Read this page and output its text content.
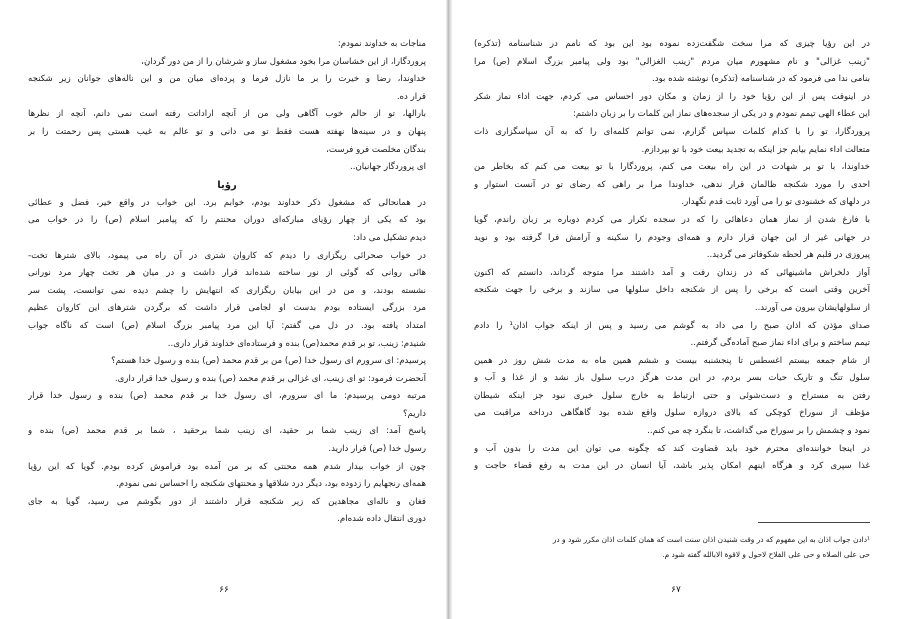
مناجات به خداوند نمودم:
پروردگارا، از این خشاسان مرا بخود مشغول ساز و شرشان را از من دور گردان،
خداوندا، رضا و خیرت را بر ما نازل فرما و پرده‌ای میان من و این ناله‌های جوانان زیر شکنجه
قرار ده.
بارالها، تو از حالم خوب آگاهی ولی من از آنچه اراداتت رفته است نمی دانم، آنچه از نظرها
پنهان و در سینه‌ها نهفته هست فقط تو می دانی و تو عالم به غیب هستی پس رحمتت را بر
بندگان مخلصت فرو فرست،
ای پروردگار جهانیان..
رؤیا
در همانحالی که مشغول ذکر خداوند بودم، خوابم برد. این خواب در واقع خیر، فضل و عطائی
بود که یکی از چهار رؤیای مبارکه‌ای دوران محنتم را که پیامبر اسلام (ص) را در خواب می
دیدم تشکیل می داد:
در خواب صحرائی ریگزاری را دیدم که کاروان شتری در آن راه می پیمود، بالای شترها تخت-
هائی روانی که گوئی از نور ساخته شده‌اند قرار داشت و در میان هر تخت چهار مرد نورانی
نشسته بودند، و من در این بیابان ریگزاری که انتهایش را چشم دیده نمی توانست، پشت سر
مرد بزرگی ایستاده بودم بدست او لجامی قرار داشت که برگردن شترهای این کاروان عظیم
امتداد یافته بود. در دل می گفتم: آیا این مرد پیامبر بزرگ اسلام (ص) است که ناگاه جواب
شنیدم: زینب، تو بر قدم محمد(ص) بنده و فرستاده‌ای خداوند قرار داری..
پرسیدم: ای سرورم ای رسول خدا (ص) من بر قدم محمد (ص) بنده و رسول خدا هستم؟
آنحضرت فرمود: تو ای زینب، ای غزالی بر قدم محمد (ص) بنده و رسول خدا قرار داری.
مرتبه دومی پرسیدم: ما ای سرورم، ای رسول خدا بر قدم محمد (ص) بنده و رسول خدا قرار
داریم؟
پاسخ آمد: ای زینب شما بر حقید، ای زینب شما برحقید ، شما بر قدم محمد (ص) بنده و
رسول خدا (ص) قرار دارید.
چون از خواب بیدار شدم همه محنتی که بر من آمده بود فراموش کرده بودم. گویا که این رؤیا
همه‌ای رنجهایم را زدوده بود، دیگر درد شلاقها و محنتهای شکنجه را احساس نمی نمودم.
فغان و ناله‌ای مجاهدین که زیر شکنجه قرار داشتند از دور بگوشم می رسید، گویا به جای
دوری انتقال داده شده‌ام.
۶۶
در این رؤیا چیزی که مرا سخت شگفت‌زده نموده بود این بود که نامم در شناسنامه (تذکره)
"زینب غزالی" و نام مشهورم میان مردم "زینب الغزالی" بود ولی پیامبر بزرگ اسلام (ص) مرا
بنامی ندا می فرمود که در شناسنامه (تذکره) نوشته شده بود.
در اینوقت پس از این رؤیا خود را از زمان و مکان دور احساس می کردم، جهت اداء نماز شکر
این عطاء الهی تیمم نمودم و در یکی از سجده‌های نماز این کلمات را بر زبان داشتم:
پروردگارا، تو را با کدام کلمات سپاس گزارم، نمی توانم کلمه‌ای را که به آن سپاسگزاری ذات
متعالت اداء نمایم بیابم جز اینکه به تجدید بیعت خود با تو بپردازم.
خداوندا، با تو بر شهادت در این راه بیعت می کنم، پروردگارا با تو بیعت می کنم که بخاطر من
احدی را مورد شکنجه ظالمان قرار ندهی، خداوندا مرا بر راهی که رضای تو در آنست استوار و
در دلهای که خشنودی تو را می آورد ثابت قدم نگهدار.
با فارغ شدن از نماز همان دعاهائی را که در سجده تکرار می کردم دوباره بر زبان راندم، گویا
در جهانی غیر از این جهان قرار دارم و همه‌ای وجودم را سکینه و آرامش فرا گرفته بود و نوید
پیروزی در قلبم هر لحظه شکوفاتر می گردید..
آواز دلخراش ماشینهائی که در زندان رفت و آمد داشتند مرا متوجه گرداند، دانستم که اکنون
آخرین وقتی است که برخی را پس از شکنجه داخل سلولها می سازند و برخی را جهت شکنجه
از سلولهایشان بیرون می آورند..
صدای مؤذن که اذان صبح را می داد به گوشم می رسید و پس از اینکه جواب اذان¹ را دادم
تیمم ساختم و برای اداء نماز صبح آماده‌گی گرفتم..
از شام جمعه بیستم اغسطس تا پنجشنبه بیست و ششم همین ماه به مدت شش روز در همین
سلول تنگ و تاریک حیات بسر بردم، در این مدت هرگز درب سلول باز نشد و از غذا و آب و
رفتن به مستراح و دست‌شوئی و حتی ارتباط به خارج سلول خبری نبود جز اینکه شیطان
مؤظف از سوراخ کوچکی که بالای دروازه سلول واقع شده بود گاهگاهی درداخه مراقبت می
نمود و چشمش را بر سوراخ می گذاشت، تا بنگرد چه می کنم..
در اینجا خواننده‌ای محترم خود باید قضاوت کند که چگونه می توان این مدت را بدون آب و
غذا سپری کرد و هرگاه اینهم امکان پذیر باشد، آیا انسان در این مدت به رفع قضاء حاجت و
¹دادن جواب اذان به این مفهوم که در وقت شنیدن اذان سنت است که همان کلمات اذان مکرر شود و در
حی علی الصلاه و حی علی الفلاح لاحول و لاقوة الابالله گفته شود م.
۶۷
